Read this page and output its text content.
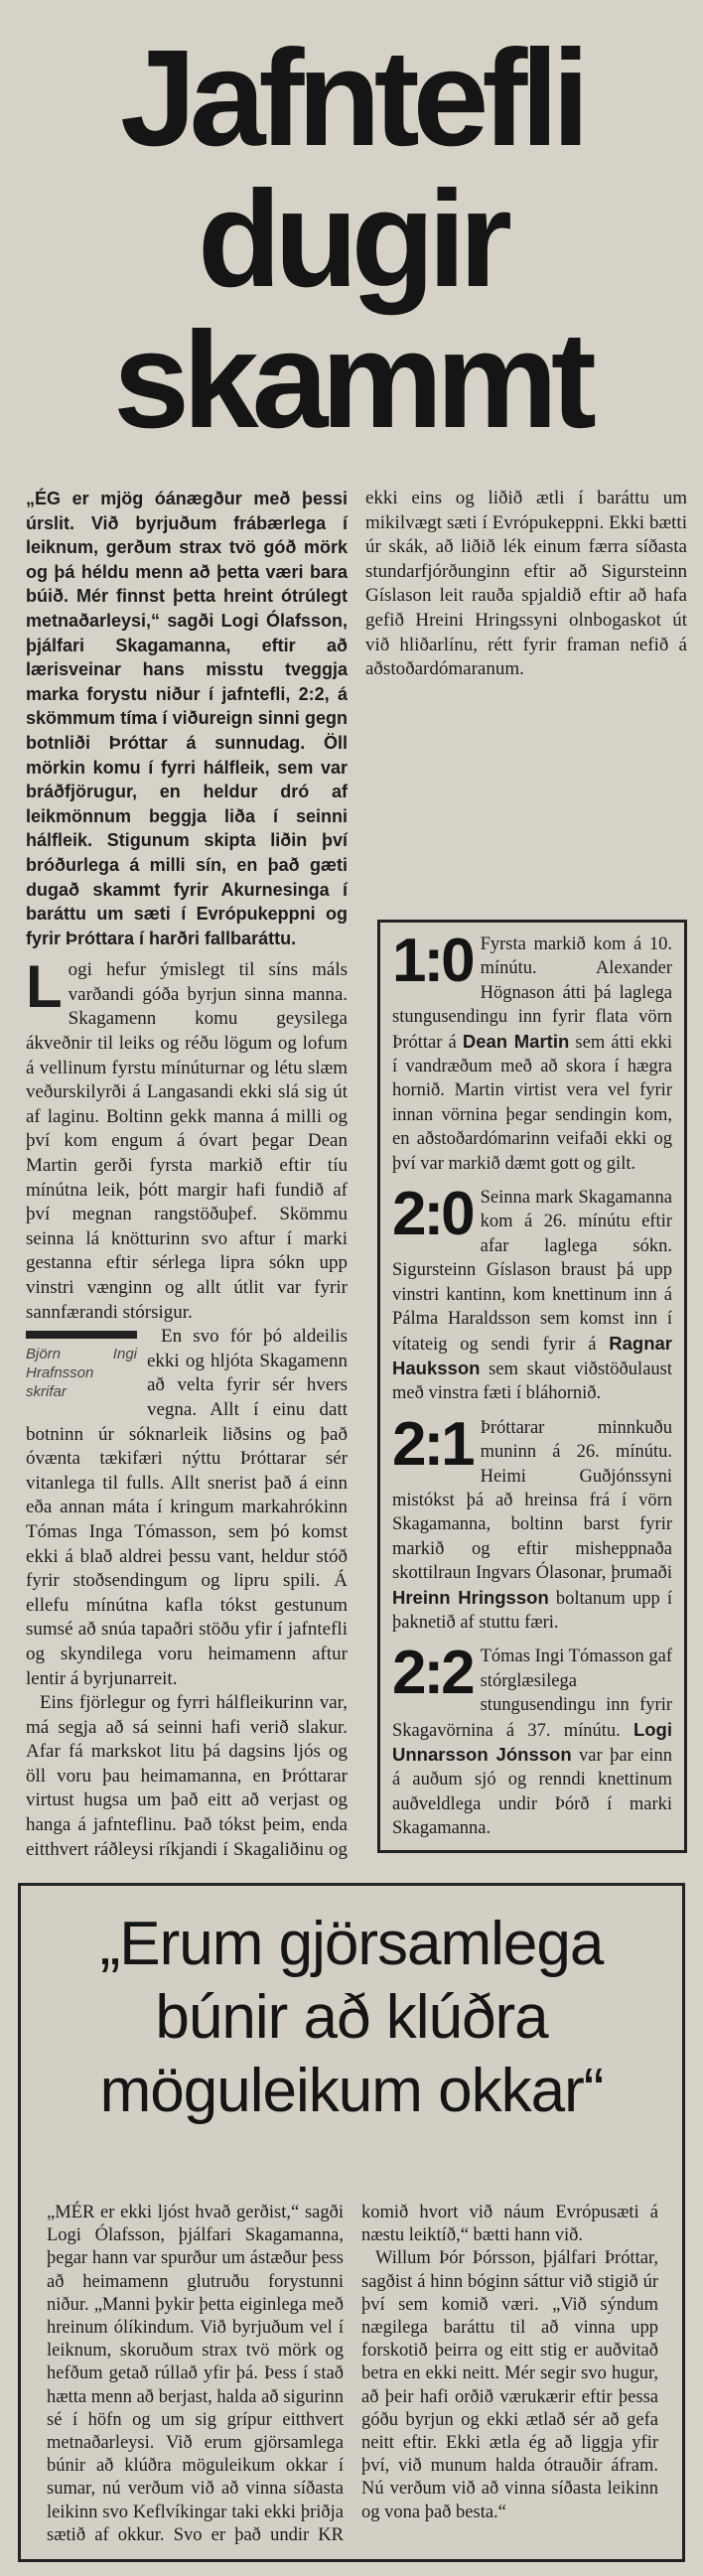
Jafntefli
dugir
skammt
„ÉG er mjög óánægður með þessi úrslit. Við byrjuðum frábærlega í leiknum, gerðum strax tvö góð mörk og þá héldu menn að þetta væri bara búið. Mér finnst þetta hreint ótrúlegt metnaðarleysi,“ sagði Logi Ólafsson, þjálfari Skagamanna, eftir að lærisveinar hans misstu tveggja marka forystu niður í jafntefli, 2:2, á skömmum tíma í viðureign sinni gegn botnliði Þróttar á sunnudag. Öll mörkin komu í fyrri hálfleik, sem var bráðfjörugur, en heldur dró af leikmönnum beggja liða í seinni hálfleik. Stigunum skipta liðin því bróðurlega á milli sín, en það gæti dugað skammt fyrir Akurnesinga í baráttu um sæti í Evrópukeppni og fyrir Þróttara í harðri fallbaráttu.

Logi hefur ýmislegt til síns máls varðandi góða byrjun sinna manna. Skagamenn komu geysilega ákveðnir til leiks og réðu lögum og lofum á vellinum fyrstu mínúturnar og létu slæm veðurskilyrði á Langasandi ekki slá sig út af laginu. Boltinn gekk manna á milli og því kom engum á óvart þegar Dean Martin gerði fyrsta markið eftir tíu mínútna leik, þótt margir hafi fundið af því megnan rangstöðuþef. Skömmu seinna lá knötturinn svo aftur í marki gestanna eftir sérlega lipra sókn upp vinstri vænginn og allt útlit var fyrir sannfærandi stórsigur.

Björn Ingi Hrafnsson skrifar

En svo fór þó aldeilis ekki og hljóta Skagamenn að velta fyrir sér hvers vegna. Allt í einu datt botninn úr sóknarleik liðsins og það óvænta tækifæri nýttu Þróttarar sér vitanlega til fulls. Allt snerist það á einn eða annan máta í kringum markahrókinn Tómas Inga Tómasson, sem þó komst ekki á blað aldrei þessu vant, heldur stóð fyrir stoðsendingum og lipru spili. Á ellefu mínútna kafla tókst gestunum sumsé að snúa tapaðri stöðu yfir í jafntefli og skyndilega voru heimamenn aftur lentir á byrjunarreit.

Eins fjörlegur og fyrri hálfleikurinn var, má segja að sá seinni hafi verið slakur. Afar fá markskot litu þá dagsins ljós og öll voru þau heimamanna, en Þróttarar virtust hugsa um það eitt að verjast og hanga á jafnteflinu. Það tókst þeim, enda eitthvert ráðleysi ríkjandi í Skagaliðinu og ekki eins og liðið ætli í baráttu um mikilvægt sæti í Evrópukeppni. Ekki bætti úr skák, að liðið lék einum færra síðasta stundarfjórðunginn eftir að Sigursteinn Gíslason leit rauða spjaldið eftir að hafa gefið Hreini Hringssyni olnbogaskot út við hliðarlínu, rétt fyrir framan nefið á aðstoðardómaranum.

1:0 Fyrsta markið kom á 10. mínútu. Alexander Högnason átti þá laglega stungusendingu inn fyrir flata vörn Þróttar á Dean Martin sem átti ekki í vandræðum með að skora í hægra hornið. Martin virtist vera vel fyrir innan vörnina þegar sendingin kom, en aðstoðardómarinn veifaði ekki og því var markið dæmt gott og gilt.
2:0 Seinna mark Skagamanna kom á 26. mínútu eftir afar laglega sókn. Sigursteinn Gíslason braust þá upp vinstri kantinn, kom knettinum inn á Pálma Haraldsson sem komst inn í vítateig og sendi fyrir á Ragnar Hauksson sem skaut viðstöðulaust með vinstra fæti í bláhornið.
2:1 Þróttarar minnkuðu muninn á 26. mínútu. Heimi Guðjónssyni mistókst þá að hreinsa frá í vörn Skagamanna, boltinn barst fyrir markið og eftir misheppnaða skottilraun Ingvars Ólasonar, þrumaði Hreinn Hringsson boltanum upp í þaknetið af stuttu færi.
2:2 Tómas Ingi Tómasson gaf stórglæsilega stungusendingu inn fyrir Skagavörnina á 37. mínútu. Logi Unnarsson Jónsson var þar einn á auðum sjó og renndi knettinum auðveldlega undir Þórð í marki Skagamanna.
„Erum gjörsamlega
búnir að klúðra
möguleikum okkar“

„MÉR er ekki ljóst hvað gerðist,“ sagði Logi Ólafsson, þjálfari Skagamanna, þegar hann var spurður um ástæður þess að heimamenn glutruðu forystunni niður. „Manni þykir þetta eiginlega með hreinum ólíkindum. Við byrjuðum vel í leiknum, skoruðum strax tvö mörk og hefðum getað rúllað yfir þá. Þess í stað hætta menn að berjast, halda að sigurinn sé í höfn og um sig grípur eitthvert metnaðarleysi. Við erum gjörsamlega búnir að klúðra möguleikum okkar í sumar, nú verðum við að vinna síðasta leikinn svo Keflvíkingar taki ekki þriðja sætið af okkur. Svo er það undir KR komið hvort við náum Evrópusæti á næstu leiktíð,“ bætti hann við.

Willum Þór Þórsson, þjálfari Þróttar, sagðist á hinn bóginn sáttur við stigið úr því sem komið væri. „Við sýndum nægilega baráttu til að vinna upp forskotið þeirra og eitt stig er auðvitað betra en ekki neitt. Mér segir svo hugur, að þeir hafi orðið værukærir eftir þessa góðu byrjun og ekki ætlað sér að gefa neitt eftir. Ekki ætla ég að liggja yfir því, við munum halda ótrauðir áfram. Nú verðum við að vinna síðasta leikinn og vona það besta.“
